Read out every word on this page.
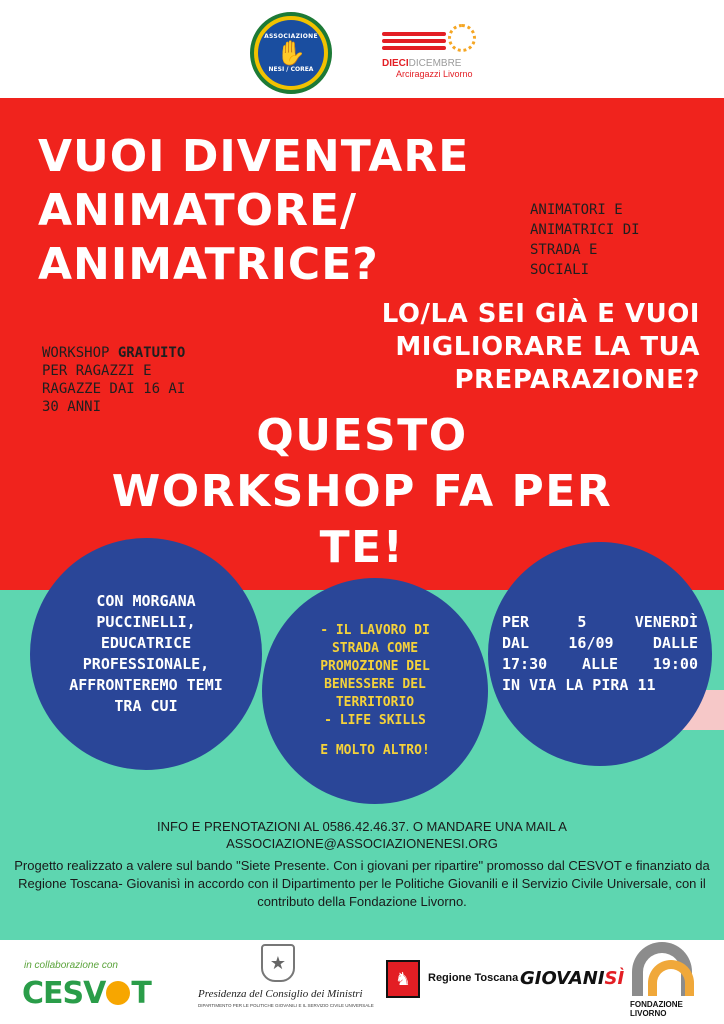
ASSOCIAZIONE
✋
NESI / COREA
DIECIDICEMBRE
Arciragazzi Livorno
VUOI DIVENTARE
ANIMATORE/
ANIMATRICE?
ANIMATORI E
ANIMATRICI DI
STRADA E
SOCIALI
LO/LA SEI GIÀ E VUOI
MIGLIORARE LA TUA
PREPARAZIONE?
WORKSHOP GRATUITO
PER RAGAZZI E
RAGAZZE DAI 16 AI
30 ANNI
QUESTO
WORKSHOP FA PER
TE!
CON MORGANA
PUCCINELLI,
EDUCATRICE
PROFESSIONALE,
AFFRONTEREMO TEMI
TRA CUI
- IL LAVORO DI
STRADA COME
PROMOZIONE DEL
BENESSERE DEL
TERRITORIO
- LIFE SKILLS
E MOLTO ALTRO!
PER	5	VENERDÌ
DAL	16/09	DALLE
17:30 ALLE 19:00
IN VIA LA PIRA 11
INFO E PRENOTAZIONI AL 0586.42.46.37. O MANDARE UNA MAIL A
ASSOCIAZIONE@ASSOCIAZIONENESI.ORG
Progetto realizzato a valere sul bando "Siete Presente. Con i giovani per ripartire" promosso dal CESVOT e finanziato da Regione Toscana- Giovanisì in accordo con il Dipartimento per le Politiche Giovanili e il Servizio Civile Universale, con il contributo della Fondazione Livorno.
in collaborazione con
CESV T
★
Presidenza del Consiglio dei Ministri
DIPARTIMENTO PER LE POLITICHE GIOVANILI E IL SERVIZIO CIVILE UNIVERSALE
♞	Regione Toscana GIOVANISÌ
FONDAZIONE
LIVORNO
